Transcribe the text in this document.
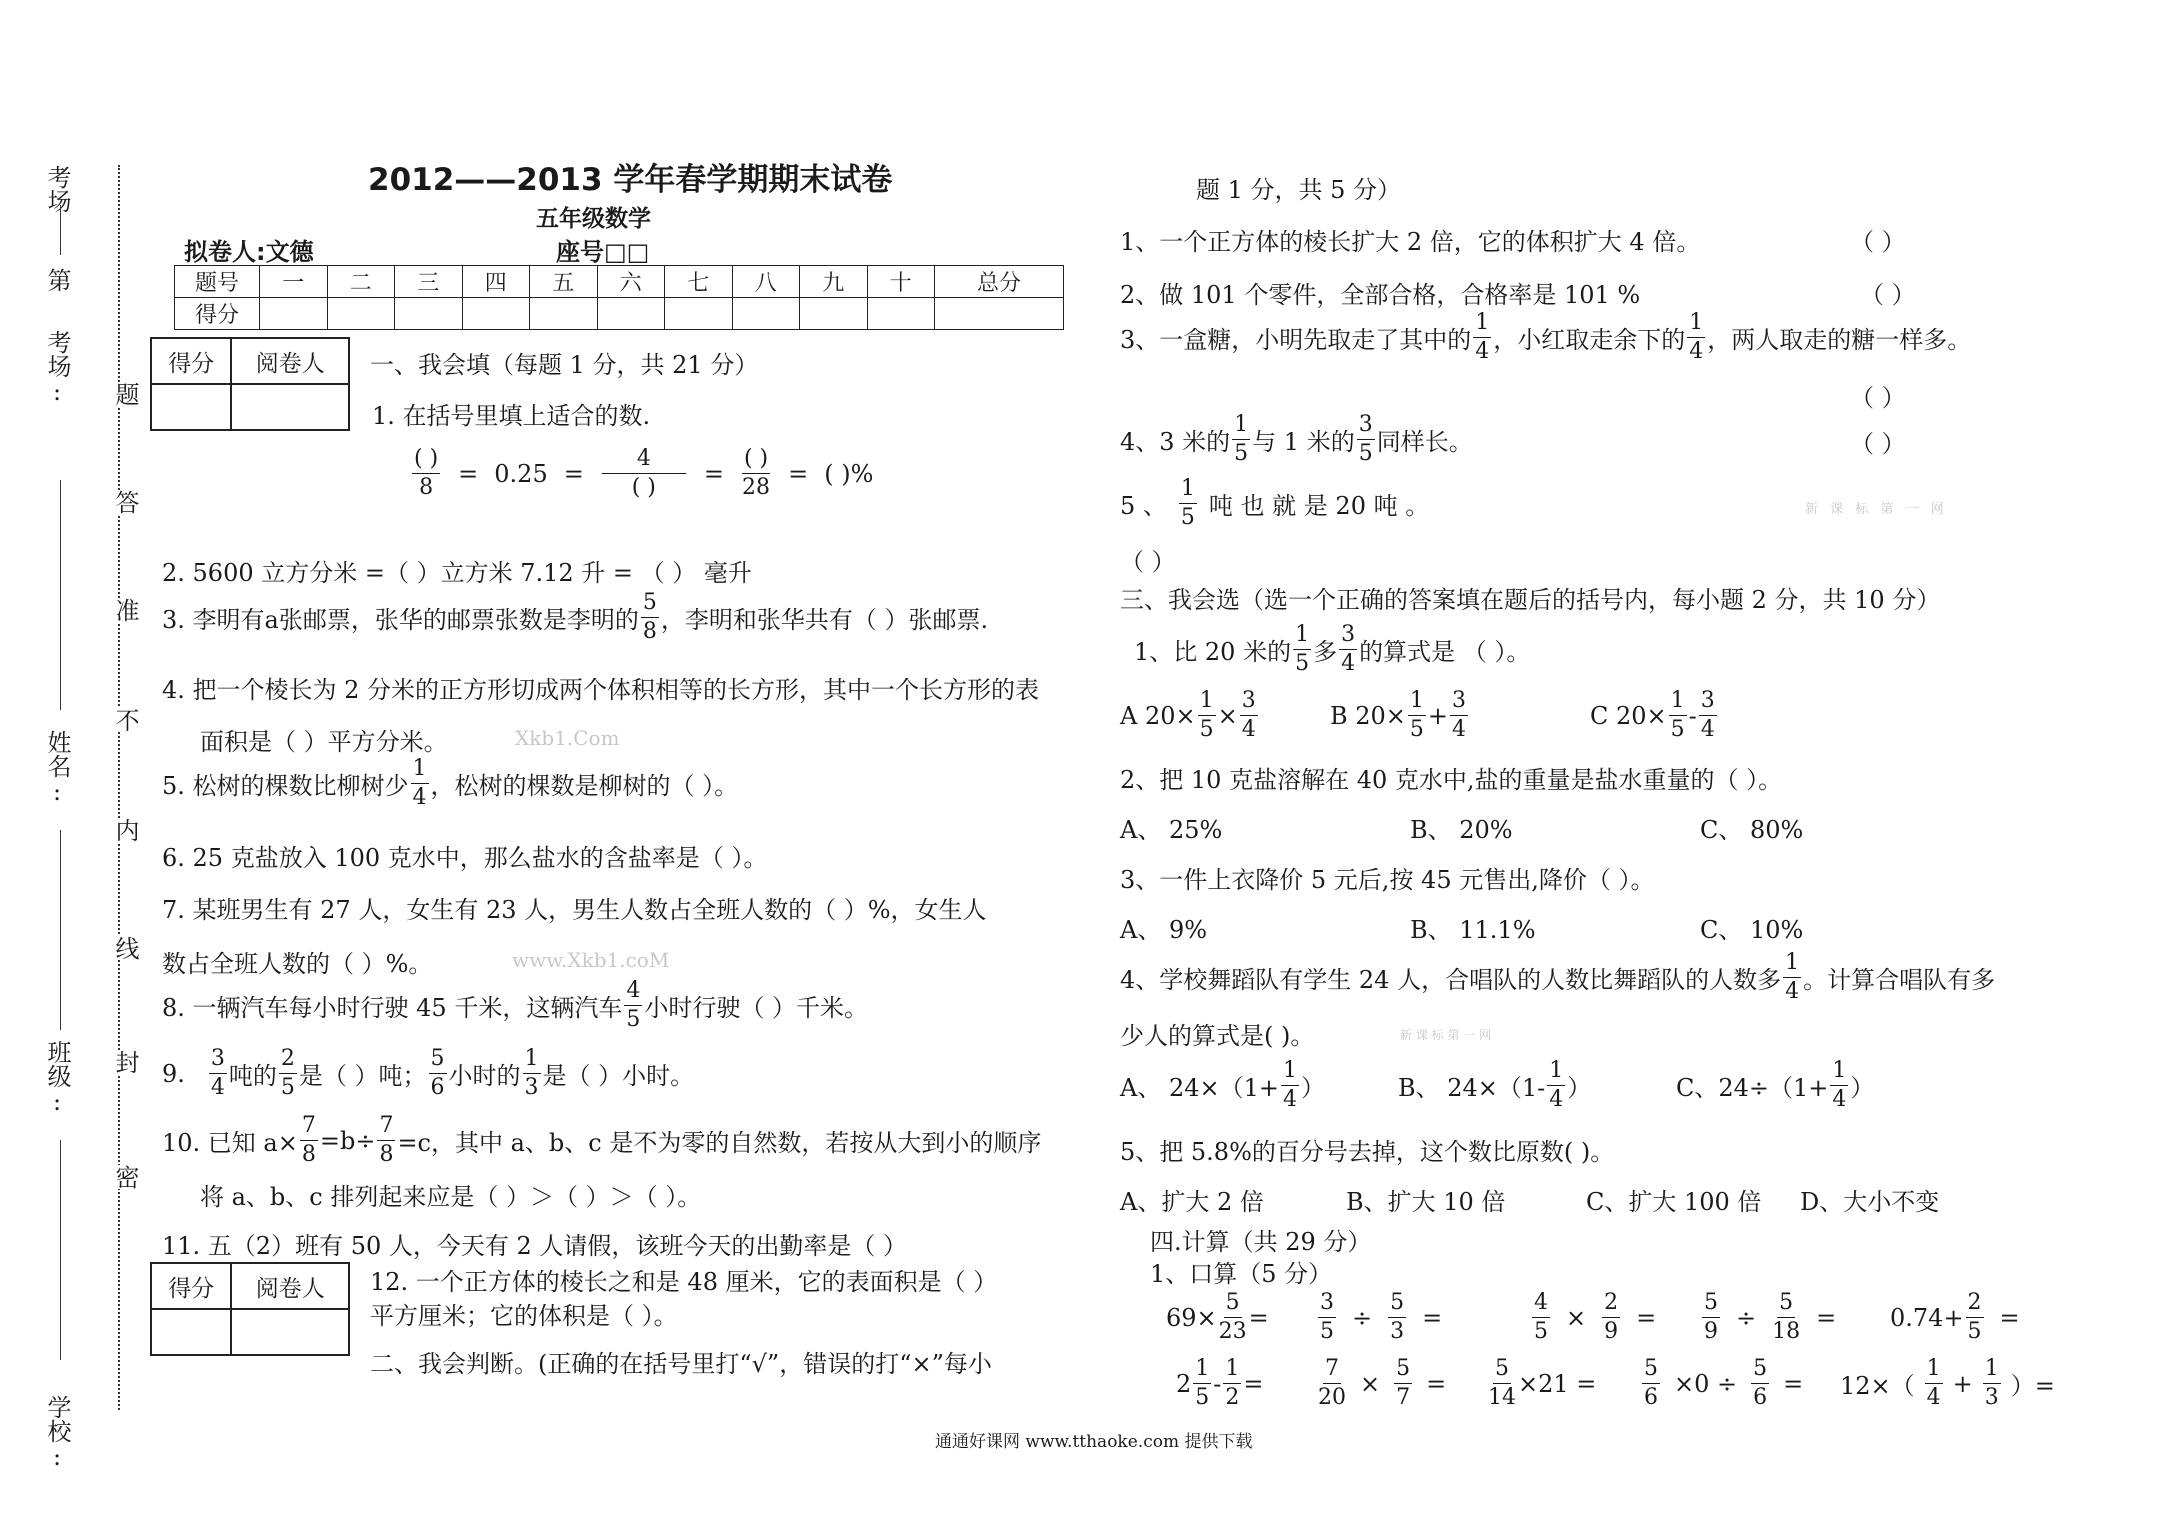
考场
第
考场:
姓名:
班级:
学校:
题
答
准
不
内
线
封
密
2012——2013 学年春学期期末试卷
五年级数学
拟卷人:文德	座号□□
题号	一	二	三	四	五	六	七	八	九	十	总分
得分											
得分	阅卷人
	一、我会填（每题 1 分，共 21 分）
1. 在括号里填上适合的数.
$\frac{( )}{8} = 0.25 = \frac{4}{( )} = \frac{( )}{28}$ = ( )%
2. 5600 立方分米 =（ ）立方米 7.12 升 = （ ） 毫升
3. 李明有a张邮票，张华的邮票张数是李明的 $\frac{5}{8}$ ，李明和张华共有（ ）张邮票.
4. 把一个棱长为 2 分米的正方形切成两个体积相等的长方形，其中一个长方形的表
面积是（ ）平方分米。	Xkb1.Com
5. 松树的棵数比柳树少 $\frac{1}{4}$ ，松树的棵数是柳树的（ ）。
6. 25 克盐放入 100 克水中，那么盐水的含盐率是（ ）。
7. 某班男生有 27 人，女生有 23 人，男生人数占全班人数的（ ）%，女生人
数占全班人数的（ ）%。	www.Xkb1.coM
8. 一辆汽车每小时行驶 45 千米，这辆汽车 $\frac{4}{5}$ 小时行驶（ ）千米。
9. $\frac{3}{4}$ 吨的 $\frac{2}{5}$ 是（ ）吨； $\frac{5}{6}$ 小时的 $\frac{1}{3}$ 是（ ）小时。
10. 已知 $a\times \frac{7}{8} =b\div \frac{7}{8} =c$，其中 a、b、c 是不为零的自然数，若按从大到小的顺序
将 a、b、c 排列起来应是（ ）＞（ ）＞（ ）。
11. 五（2）班有 50 人，今天有 2 人请假，该班今天的出勤率是（ ）
得分	阅卷人
	12. 一个正方体的棱长之和是 48 厘米，它的表面积是（ ）
平方厘米；它的体积是（ ）。
二、我会判断。(正确的在括号里打“√”，错误的打“×”每小
题 1 分，共 5 分）
1、一个正方体的棱长扩大 2 倍，它的体积扩大 4 倍。	（ ）
2、做 101 个零件，全部合格，合格率是 101 %	（ ）
3、一盒糖，小明先取走了其中的 $\frac{1}{4}$ ，小红取走余下的 $\frac{1}{4}$ ，两人取走的糖一样多。
（ ）
4、3 米的 $\frac{1}{5}$ 与 1 米的 $\frac{3}{5}$ 同样长。	（ ）
5 、 $\frac{1}{5}$ 吨 也 就 是 20 吨 。	新 课 标 第 一 网
（ ）
三、我会选（选一个正确的答案填在题后的括号内，每小题 2 分，共 10 分）
1、比 20 米的 $\frac{1}{5}$ 多 $\frac{3}{4}$ 的算式是 （ ）。
A $20\times \frac{1}{5} \times \frac{3}{4}$	B $20\times \frac{1}{5} + \frac{3}{4}$	C $20\times \frac{1}{5} - \frac{3}{4}$
2、把 10 克盐溶解在 40 克水中,盐的重量是盐水重量的（ ）。
A、 25%	B、 20%	C、 80%
3、一件上衣降价 5 元后,按 45 元售出,降价（ ）。
A、 9%	B、 11.1%	C、 10%
4、学校舞蹈队有学生 24 人，合唱队的人数比舞蹈队的人数多 $\frac{1}{4}$ 。计算合唱队有多
少人的算式是( )。	新 课 标 第 一 网
A、 $24\times(1+ \frac{1}{4}$ ）	B、 $24\times(1- \frac{1}{4}$ ）	C、$24\div(1+ \frac{1}{4}$ ）
5、把 5.8%的百分号去掉，这个数比原数( )。
A、扩大 2 倍	B、扩大 10 倍	C、扩大 100 倍 D、大小不变
四.计算（共 29 分）
1、口算（5 分）
$69\times \frac{5}{23} = \frac{3}{5} \div \frac{5}{3}$ =	$\frac{4}{5} \times \frac{2}{9} = \frac{5}{9} \div \frac{5}{18} = 0.74+ \frac{2}{5}$ =
$2 \frac{1}{5} - \frac{1}{2} = \frac{7}{20} \times \frac{5}{7} = \frac{5}{14} \times 21 = \frac{5}{6} \times 0 \div \frac{5}{6} = 12\times( \frac{1}{4} + \frac{1}{3}$ ）=
通通好课网 www.tthaoke.com 提供下载
